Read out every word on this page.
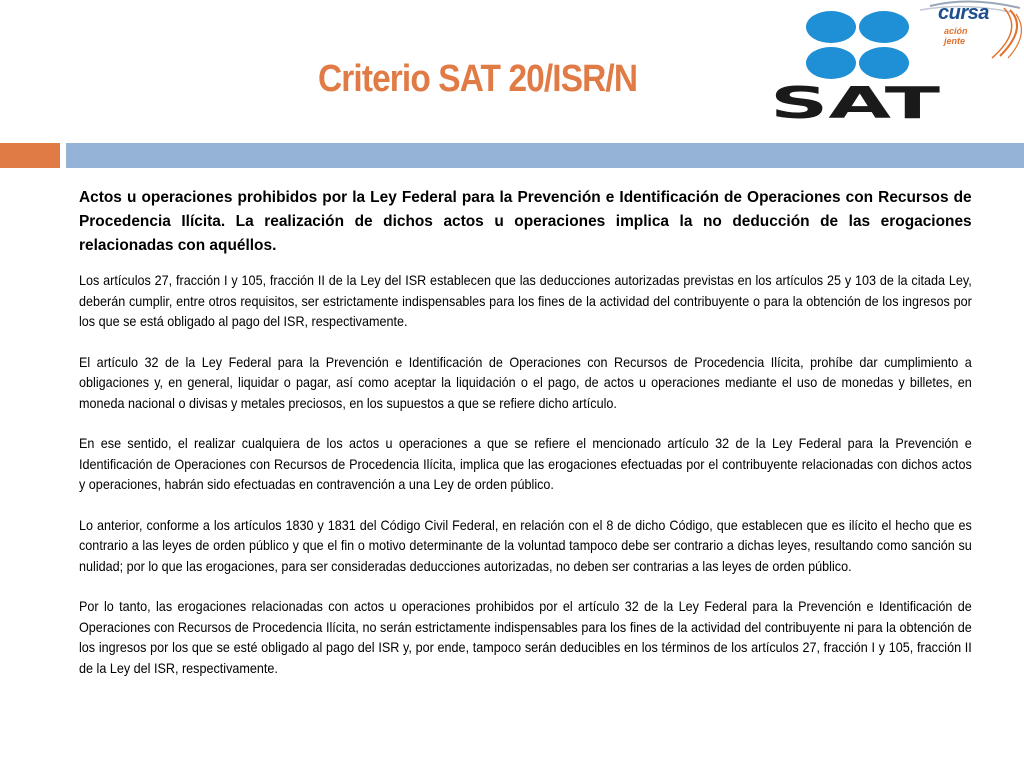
cursa
ación
jente
SAT
Criterio SAT 20/ISR/N

Actos u operaciones prohibidos por la Ley Federal para la Prevención e Identificación de Operaciones con Recursos de Procedencia Ilícita. La realización de dichos actos u operaciones implica la no deducción de las erogaciones relacionadas con aquéllos.

Los artículos 27, fracción I y 105, fracción II de la Ley del ISR establecen que las deducciones autorizadas previstas en los artículos 25 y 103 de la citada Ley, deberán cumplir, entre otros requisitos, ser estrictamente indispensables para los fines de la actividad del contribuyente o para la obtención de los ingresos por los que se está obligado al pago del ISR, respectivamente.

El artículo 32 de la Ley Federal para la Prevención e Identificación de Operaciones con Recursos de Procedencia Ilícita, prohíbe dar cumplimiento a obligaciones y, en general, liquidar o pagar, así como aceptar la liquidación o el pago, de actos u operaciones mediante el uso de monedas y billetes, en moneda nacional o divisas y metales preciosos, en los supuestos a que se refiere dicho artículo.

En ese sentido, el realizar cualquiera de los actos u operaciones a que se refiere el mencionado artículo 32 de la Ley Federal para la Prevención e Identificación de Operaciones con Recursos de Procedencia Ilícita, implica que las erogaciones efectuadas por el contribuyente relacionadas con dichos actos y operaciones, habrán sido efectuadas en contravención a una Ley de orden público.

Lo anterior, conforme a los artículos 1830 y 1831 del Código Civil Federal, en relación con el 8 de dicho Código, que establecen que es ilícito el hecho que es contrario a las leyes de orden público y que el fin o motivo determinante de la voluntad tampoco debe ser contrario a dichas leyes, resultando como sanción su nulidad; por lo que las erogaciones, para ser consideradas deducciones autorizadas, no deben ser contrarias a las leyes de orden público.

Por lo tanto, las erogaciones relacionadas con actos u operaciones prohibidos por el artículo 32 de la Ley Federal para la Prevención e Identificación de Operaciones con Recursos de Procedencia Ilícita, no serán estrictamente indispensables para los fines de la actividad del contribuyente ni para la obtención de los ingresos por los que se esté obligado al pago del ISR y, por ende, tampoco serán deducibles en los términos de los artículos 27, fracción I y 105, fracción II de la Ley del ISR, respectivamente.
